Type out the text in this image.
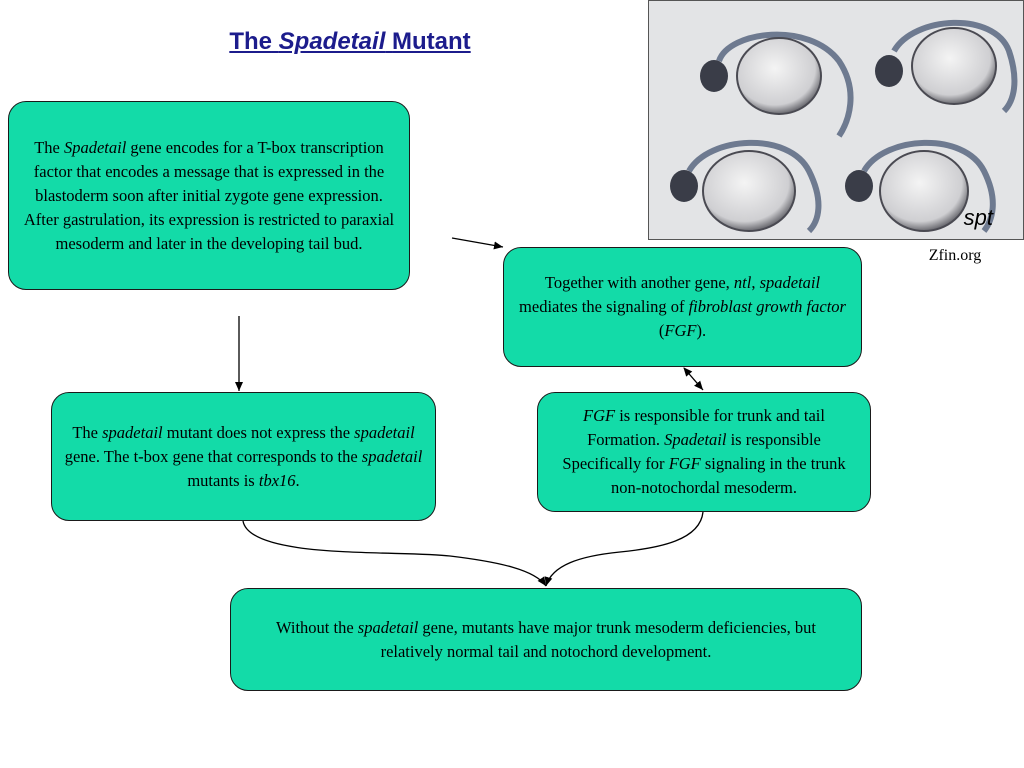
The Spadetail Mutant
spt
Zfin.org

The Spadetail gene encodes for a T-box transcription factor that encodes a message that is expressed in the blastoderm soon after initial zygote gene expression. After gastrulation, its expression is restricted to paraxial mesoderm and later in the developing tail bud.

Together with another gene, ntl, spadetail mediates the signaling of fibroblast growth factor (FGF).

The spadetail mutant does not express the spadetail gene. The t-box gene that corresponds to the spadetail mutants is tbx16.

FGF is responsible for trunk and tail Formation. Spadetail is responsible Specifically for FGF signaling in the trunk non-notochordal mesoderm.

Without the spadetail gene, mutants have major trunk mesoderm deficiencies, but relatively normal tail and notochord development.
